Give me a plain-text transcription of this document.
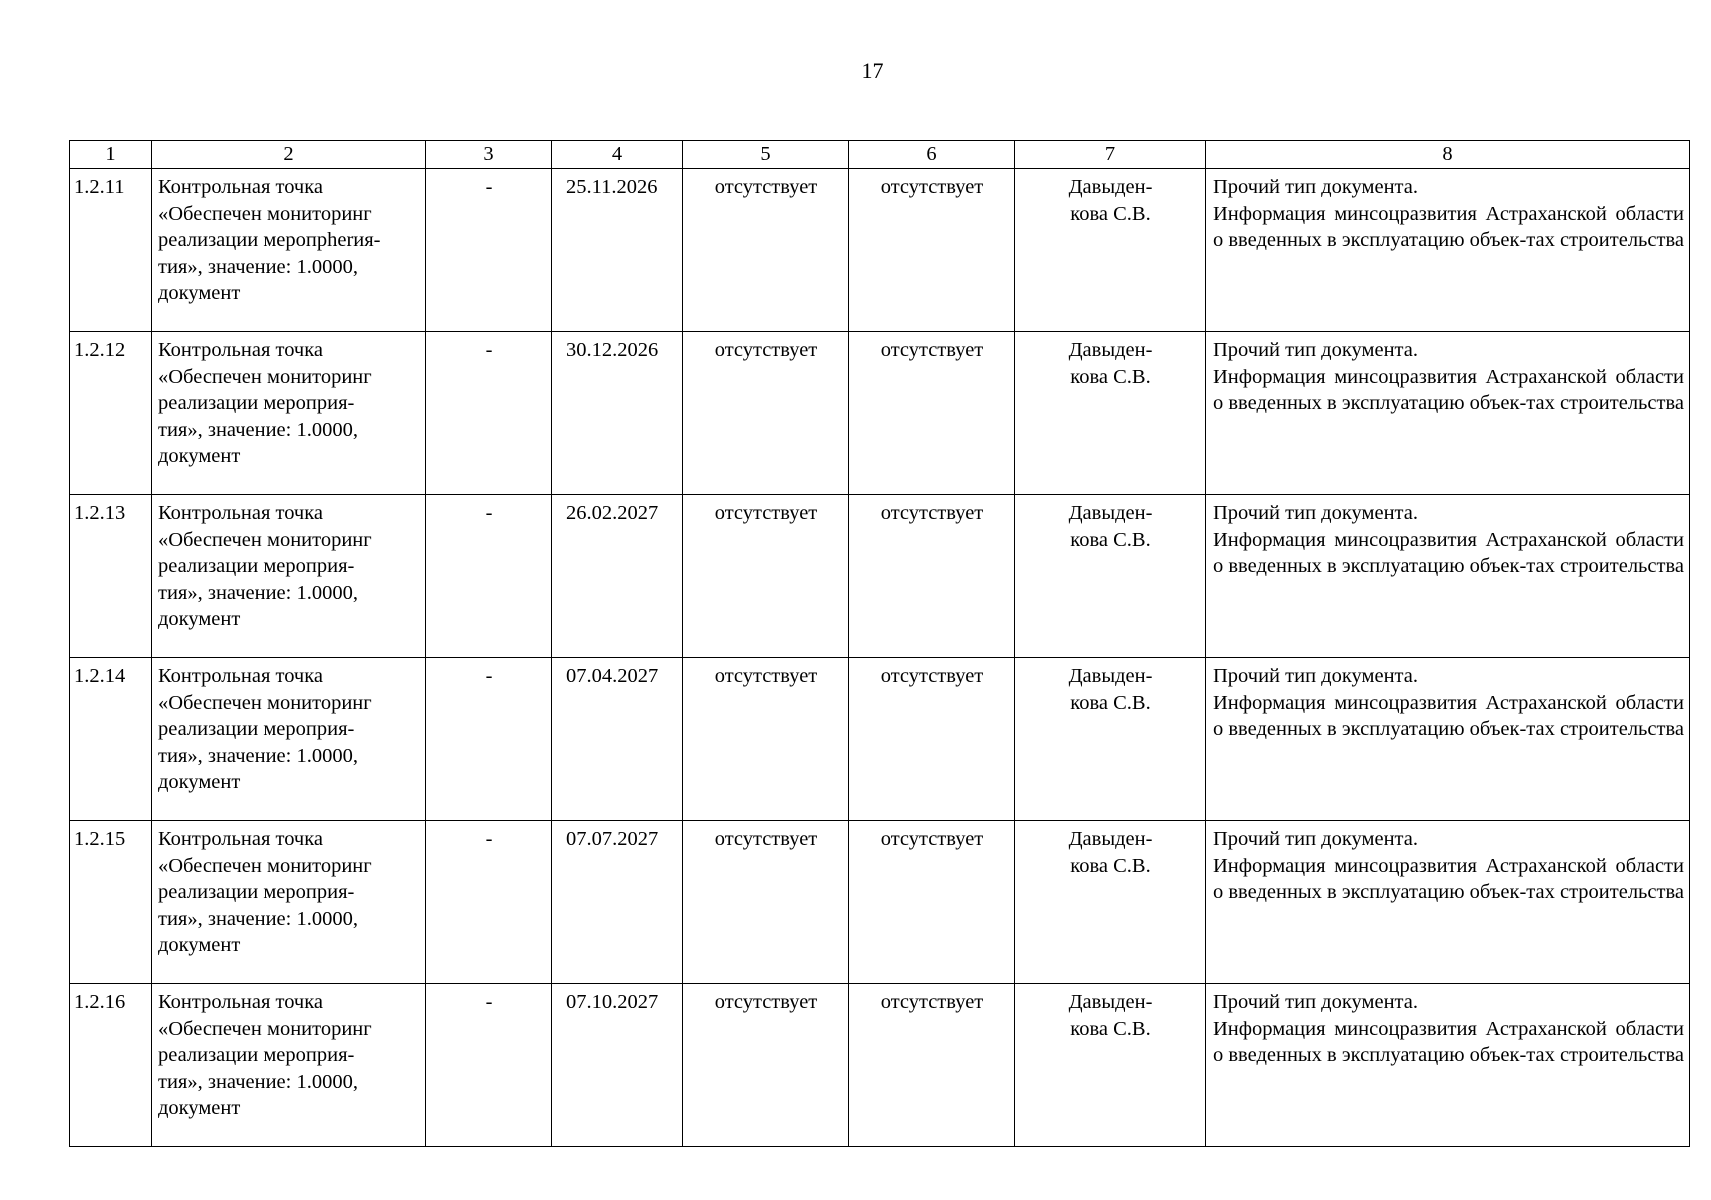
17
1	2	3	4	5	6	7	8
1.2.11	Контрольная точка
«Обеспечен мониторинг
реализации меропрherия-
тия», значение: 1.0000,
документ	-	25.11.2026	отсутствует	отсутствует	Давыден-
кова С.В.	Прочий тип документа.
Информация минсоцразвития Астраханской области о введенных в эксплуатацию объек-тах строительства
1.2.12	Контрольная точка
«Обеспечен мониторинг
реализации мероприя-
тия», значение: 1.0000,
документ	-	30.12.2026	отсутствует	отсутствует	Давыден-
кова С.В.	Прочий тип документа.
Информация минсоцразвития Астраханской области о введенных в эксплуатацию объек-тах строительства
1.2.13	Контрольная точка
«Обеспечен мониторинг
реализации мероприя-
тия», значение: 1.0000,
документ	-	26.02.2027	отсутствует	отсутствует	Давыден-
кова С.В.	Прочий тип документа.
Информация минсоцразвития Астраханской области о введенных в эксплуатацию объек-тах строительства
1.2.14	Контрольная точка
«Обеспечен мониторинг
реализации мероприя-
тия», значение: 1.0000,
документ	-	07.04.2027	отсутствует	отсутствует	Давыден-
кова С.В.	Прочий тип документа.
Информация минсоцразвития Астраханской области о введенных в эксплуатацию объек-тах строительства
1.2.15	Контрольная точка
«Обеспечен мониторинг
реализации мероприя-
тия», значение: 1.0000,
документ	-	07.07.2027	отсутствует	отсутствует	Давыден-
кова С.В.	Прочий тип документа.
Информация минсоцразвития Астраханской области о введенных в эксплуатацию объек-тах строительства
1.2.16	Контрольная точка
«Обеспечен мониторинг
реализации мероприя-
тия», значение: 1.0000,
документ	-	07.10.2027	отсутствует	отсутствует	Давыден-
кова С.В.	Прочий тип документа.
Информация минсоцразвития Астраханской области о введенных в эксплуатацию объек-тах строительства
